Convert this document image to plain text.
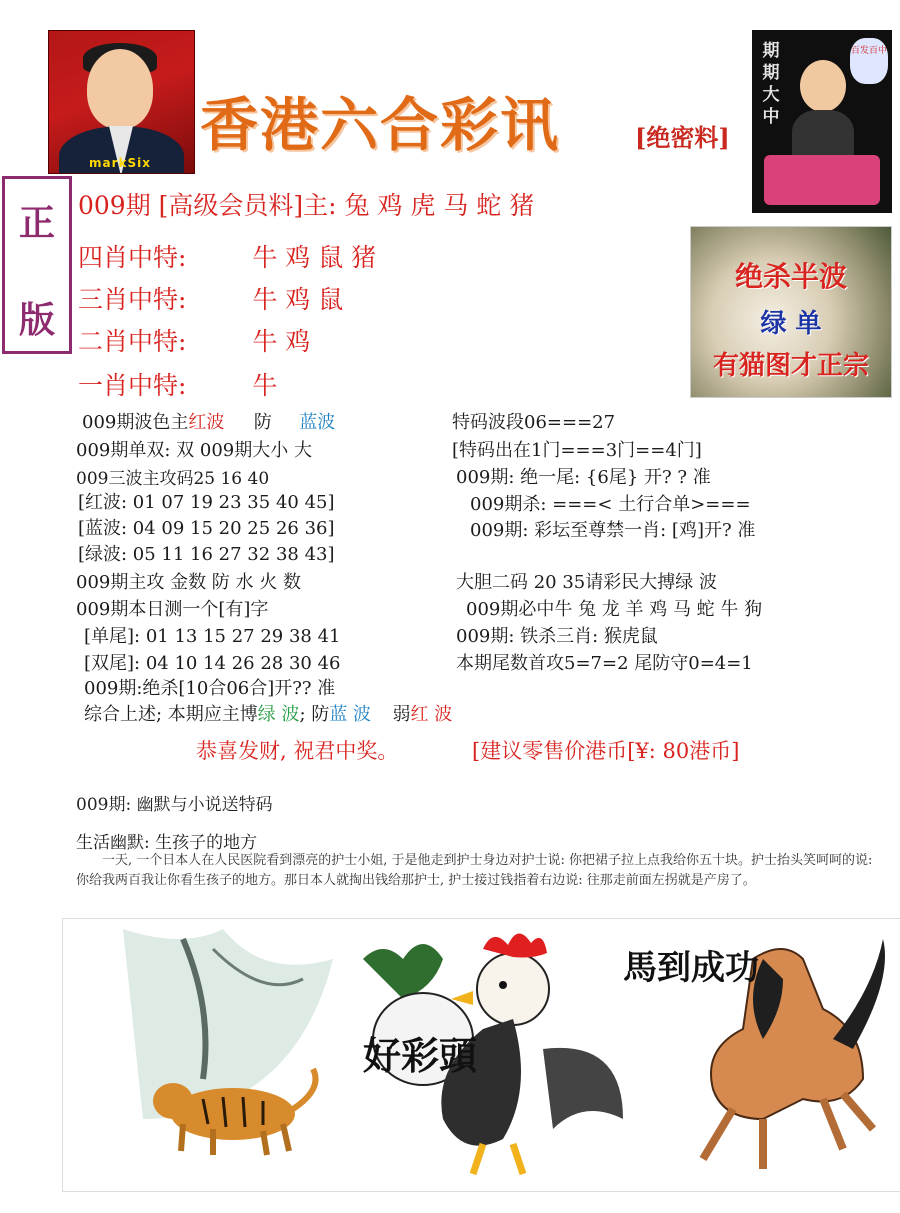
markSix
香港六合彩讯	[绝密料]
期期大中
百发百中
正
版
009期 [高级会员料]主: 兔 鸡 虎 马 蛇 猪
四肖中特:	牛 鸡 鼠 猪
三肖中特:	牛 鸡 鼠
二肖中特:	牛 鸡
一肖中特:	牛
绝杀半波
绿 单
有猫图才正宗
009期波色主红波 防 蓝波
009期单双: 双 009期大小 大
009三波主攻码25 16 40
[红波: 01 07 19 23 35 40 45]
[蓝波: 04 09 15 20 25 26 36]
[绿波: 05 11 16 27 32 38 43]
009期主攻 金数 防 水 火 数
009期本日测一个[有]字
[单尾]: 01 13 15 27 29 38 41
[双尾]: 04 10 14 26 28 30 46
009期:绝杀[10合06合]开?? 准
综合上述; 本期应主博绿 波; 防蓝 波 弱红 波
特码波段06===27
[特码出在1门===3门==4门]
009期: 绝一尾: {6尾} 开? ? 准
009期杀: ===< 土行合单>===
009期: 彩坛至尊禁一肖: [鸡]开? 准
大胆二码 20 35请彩民大搏绿 波
009期必中牛 兔 龙 羊 鸡 马 蛇 牛 狗
009期: 铁杀三肖: 猴虎鼠
本期尾数首攻5=7=2 尾防守0=4=1
恭喜发财, 祝君中奖。	[建议零售价港币[¥: 80港币]
009期: 幽默与小说送特码
生活幽默: 生孩子的地方
一天, 一个日本人在人民医院看到漂亮的护士小姐, 于是他走到护士身边对护士说: 你把裙子拉上点我给你五十块。护士抬头笑呵呵的说: 你给我两百我让你看生孩子的地方。那日本人就掏出钱给那护士, 护士接过钱指着右边说: 往那走前面左拐就是产房了。
好彩頭
馬到成功
